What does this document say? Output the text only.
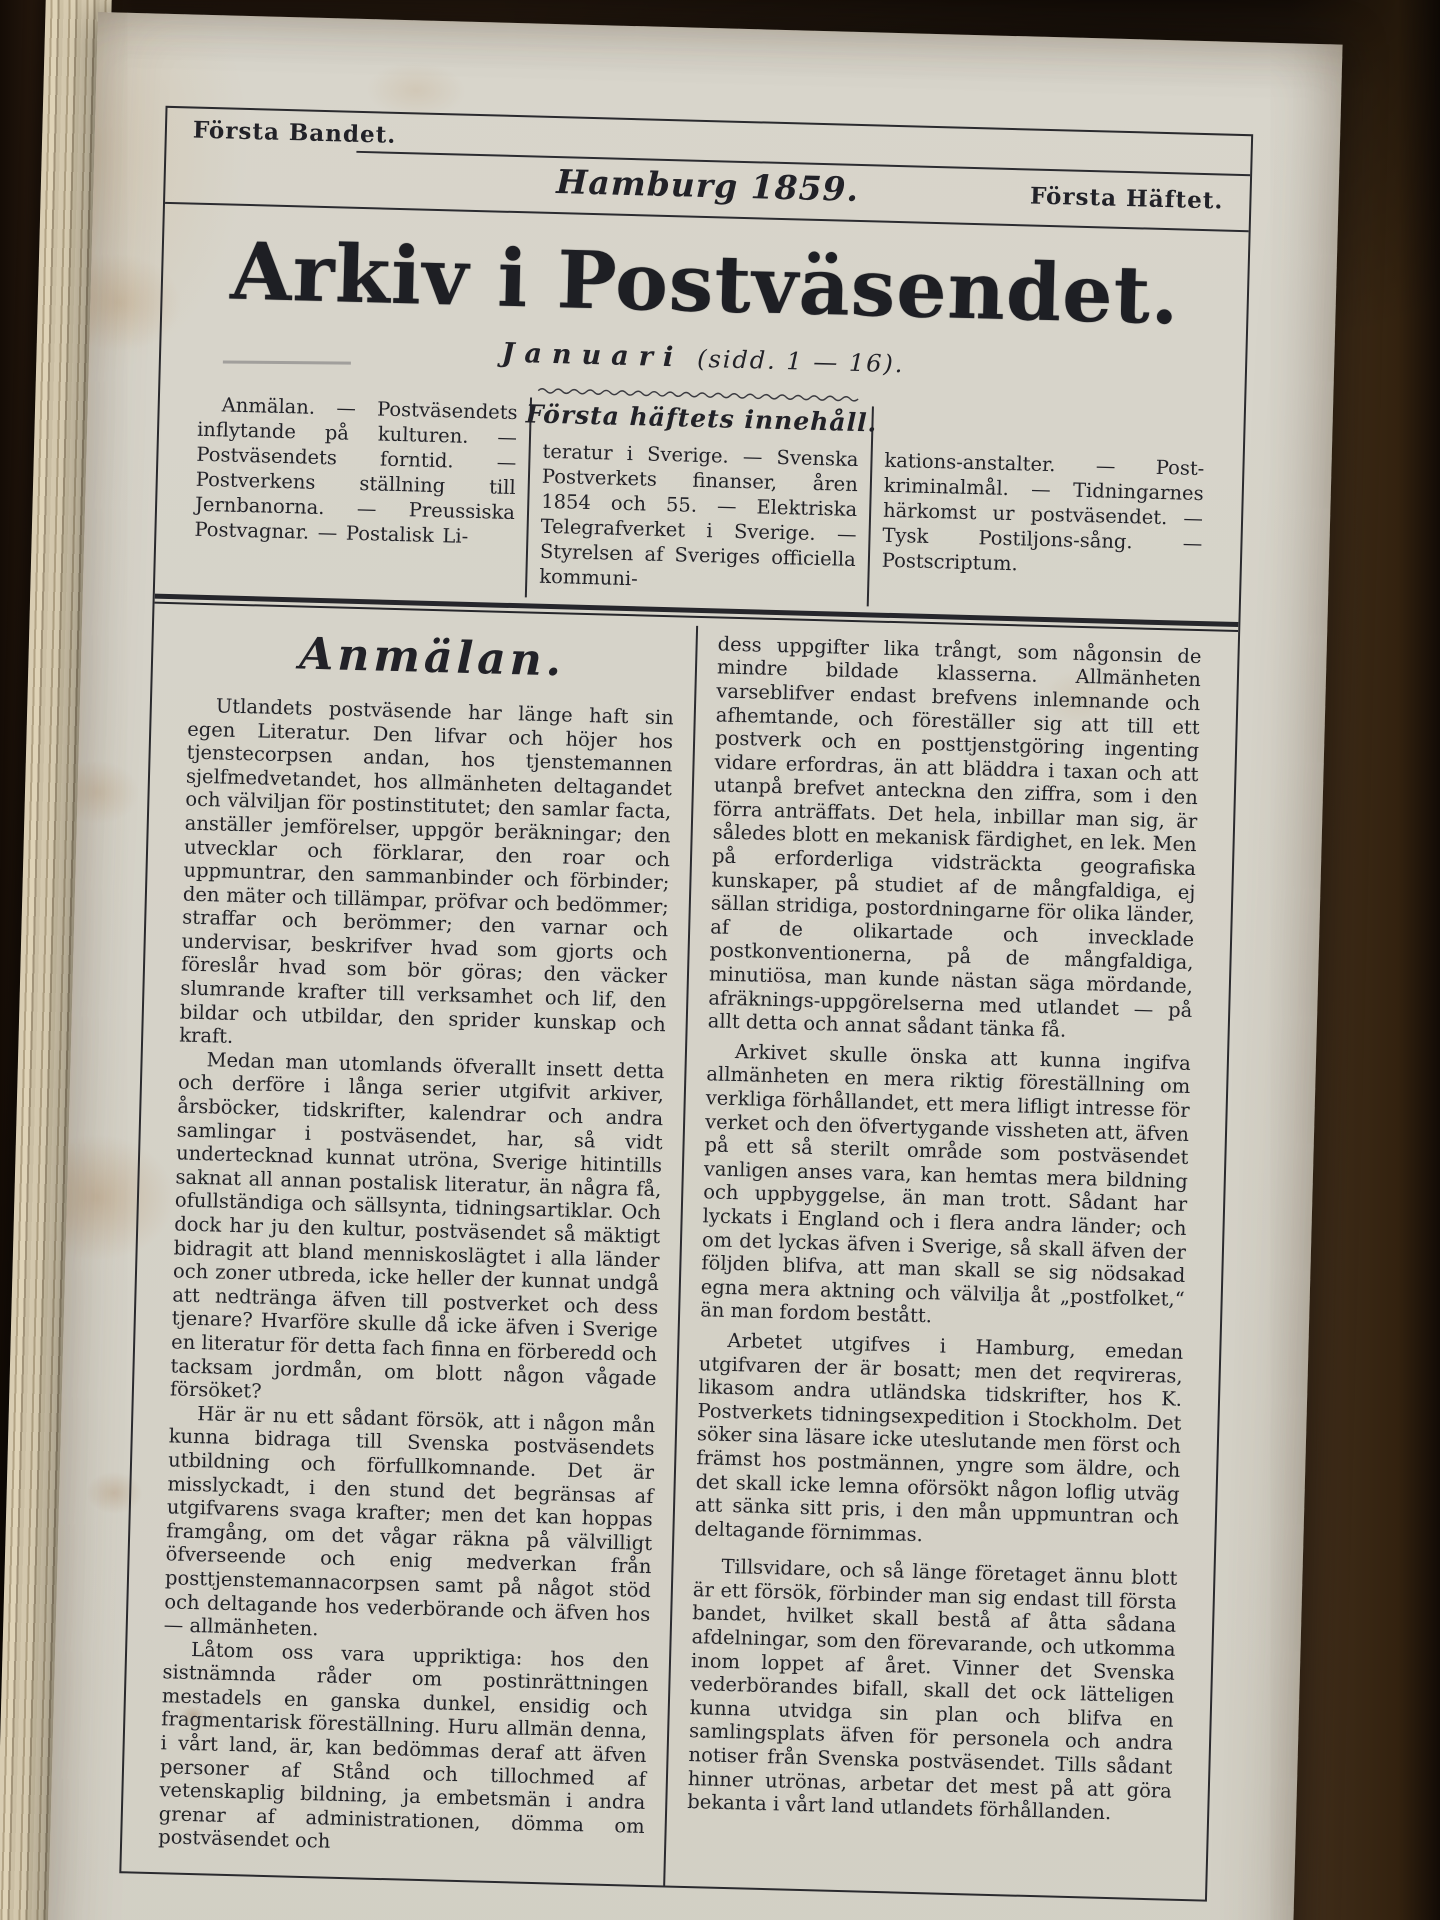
Första Bandet.
Hamburg 1859.	Första Häftet.
Arkiv i Postväsendet.
Januari (sidd. 1 — 16).
Första häftets innehåll.
Anmälan. — Postväsendets inflytande på kulturen. — Postväsendets forntid. — Postverkens ställning till Jernbanorna. — Preussiska Postvagnar. — Postalisk Li-
teratur i Sverige. — Svenska Postverkets finanser, åren 1854 och 55. — Elektriska Telegrafverket i Sverige. — Styrelsen af Sveriges officiella kommuni-
kations-anstalter. — Post-kriminalmål. — Tidningarnes härkomst ur postväsendet. — Tysk Postiljons-sång. — Postscriptum.
Anmälan.

Utlandets postväsende har länge haft sin egen Literatur. Den lifvar och höjer hos tjenstecorpsen andan, hos tjenstemannen sjelfmedvetandet, hos allmänheten deltagandet och välviljan för postinstitutet; den samlar facta, anställer jemförelser, uppgör beräkningar; den utvecklar och förklarar, den roar och uppmuntrar, den sammanbinder och förbinder; den mäter och tillämpar, pröfvar och bedömmer; straffar och berömmer; den varnar och undervisar, beskrifver hvad som gjorts och föreslår hvad som bör göras; den väcker slumrande krafter till verksamhet och lif, den bildar och utbildar, den sprider kunskap och kraft.

Medan man utomlands öfverallt insett detta och derföre i långa serier utgifvit arkiver, årsböcker, tidskrifter, kalendrar och andra samlingar i postväsendet, har, så vidt undertecknad kunnat utröna, Sverige hitintills saknat all annan postalisk literatur, än några få, ofullständiga och sällsynta, tidningsartiklar. Och dock har ju den kultur, postväsendet så mäktigt bidragit att bland menniskoslägtet i alla länder och zoner utbreda, icke heller der kunnat undgå att nedtränga äfven till postverket och dess tjenare? Hvarföre skulle då icke äfven i Sverige en literatur för detta fach finna en förberedd och tacksam jordmån, om blott någon vågade försöket?

Här är nu ett sådant försök, att i någon mån kunna bidraga till Svenska postväsendets utbildning och förfullkomnande. Det är misslyckadt, i den stund det begränsas af utgifvarens svaga krafter; men det kan hoppas framgång, om det vågar räkna på välvilligt öfverseende och enig medverkan från posttjenstemannacorpsen samt på något stöd och deltagande hos vederbörande och äfven hos — allmänheten.

Låtom oss vara uppriktiga: hos den sistnämnda råder om postinrättningen mestadels en ganska dunkel, ensidig och fragmentarisk föreställning. Huru allmän denna, i vårt land, är, kan bedömmas deraf att äfven personer af Stånd och tillochmed af vetenskaplig bildning, ja embetsmän i andra grenar af administrationen, dömma om postväsendet och

dess uppgifter lika trångt, som någonsin de mindre bildade klasserna. Allmänheten varseblifver endast brefvens inlemnande och afhemtande, och föreställer sig att till ett postverk och en posttjenstgöring ingenting vidare erfordras, än att bläddra i taxan och att utanpå brefvet anteckna den ziffra, som i den förra anträffats. Det hela, inbillar man sig, är således blott en mekanisk färdighet, en lek. Men på erforderliga vidsträckta geografiska kunskaper, på studiet af de mångfaldiga, ej sällan stridiga, postordningarne för olika länder, af de olikartade och invecklade postkonventionerna, på de mångfaldiga, minutiösa, man kunde nästan säga mördande, afräknings-uppgörelserna med utlandet — på allt detta och annat sådant tänka få.

Arkivet skulle önska att kunna ingifva allmänheten en mera riktig föreställning om verkliga förhållandet, ett mera lifligt intresse för verket och den öfvertygande vissheten att, äfven på ett så sterilt område som postväsendet vanligen anses vara, kan hemtas mera bildning och uppbyggelse, än man trott. Sådant har lyckats i England och i flera andra länder; och om det lyckas äfven i Sverige, så skall äfven der följden blifva, att man skall se sig nödsakad egna mera aktning och välvilja åt „postfolket,“ än man fordom bestått.

Arbetet utgifves i Hamburg, emedan utgifvaren der är bosatt; men det reqvireras, likasom andra utländska tidskrifter, hos K. Postverkets tidningsexpedition i Stockholm. Det söker sina läsare icke uteslutande men först och främst hos postmännen, yngre som äldre, och det skall icke lemna oförsökt någon loflig utväg att sänka sitt pris, i den mån uppmuntran och deltagande förnimmas.

Tillsvidare, och så länge företaget ännu blott är ett försök, förbinder man sig endast till första bandet, hvilket skall bestå af åtta sådana afdelningar, som den förevarande, och utkomma inom loppet af året. Vinner det Svenska vederbörandes bifall, skall det ock lätteligen kunna utvidga sin plan och blifva en samlingsplats äfven för personela och andra notiser från Svenska postväsendet. Tills sådant hinner utrönas, arbetar det mest på att göra bekanta i vårt land utlandets förhållanden.
